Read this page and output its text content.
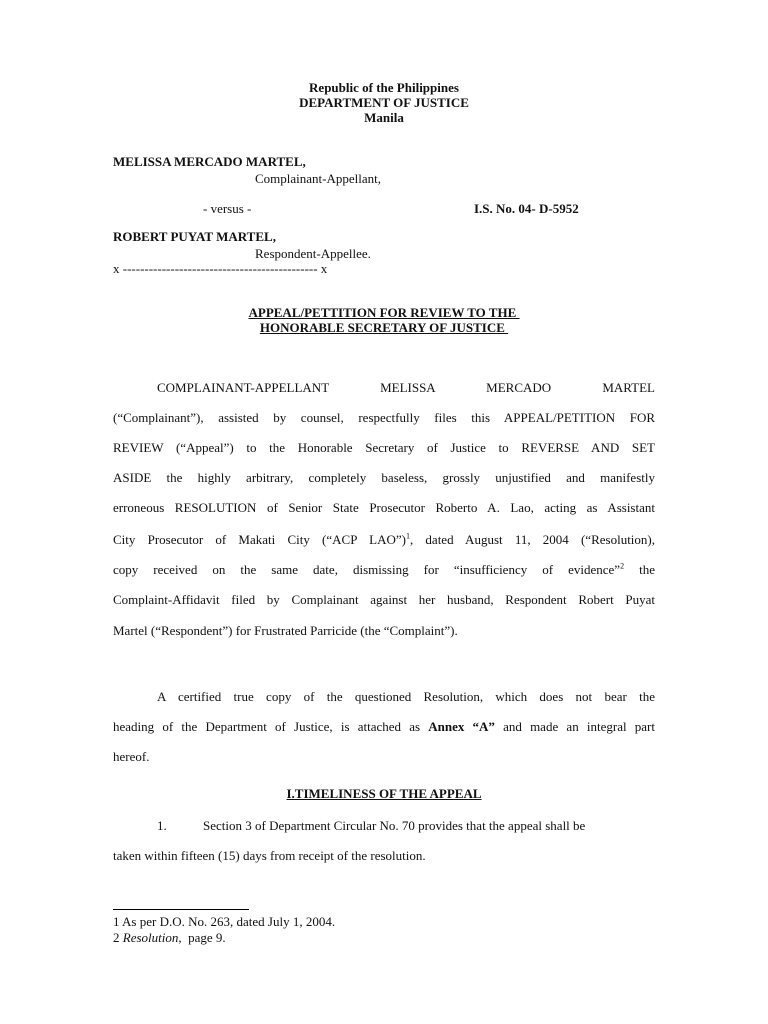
Republic of the Philippines
DEPARTMENT OF JUSTICE
Manila
MELISSA MERCADO MARTEL,
Complainant-Appellant,
- versus -	I.S. No. 04- D-5952
ROBERT PUYAT MARTEL,
Respondent-Appellee.
x --------------------------------------------- x
APPEAL/PETTITION FOR REVIEW TO THE
HONORABLE SECRETARY OF JUSTICE
COMPLAINANT-APPELLANT MELISSA MERCADO MARTEL
(“Complainant”), assisted by counsel, respectfully files this APPEAL/PETITION FOR
REVIEW (“Appeal”) to the Honorable Secretary of Justice to REVERSE AND SET
ASIDE the highly arbitrary, completely baseless, grossly unjustified and manifestly
erroneous RESOLUTION of Senior State Prosecutor Roberto A. Lao, acting as Assistant
City Prosecutor of Makati City (“ACP LAO”)$^1$, dated August 11, 2004 (“Resolution),
copy received on the same date, dismissing for “insufficiency of evidence”$^2$ the
Complaint-Affidavit filed by Complainant against her husband, Respondent Robert Puyat
Martel (“Respondent”) for Frustrated Parricide (the “Complaint”).
A certified true copy of the questioned Resolution, which does not bear the
heading of the Department of Justice, is attached as Annex “A” and made an integral part
hereof.
I.TIMELINESS OF THE APPEAL
1.	Section 3 of Department Circular No. 70 provides that the appeal shall be
taken within fifteen (15) days from receipt of the resolution.
1 As per D.O. No. 263, dated July 1, 2004.
2 Resolution,  page 9.
